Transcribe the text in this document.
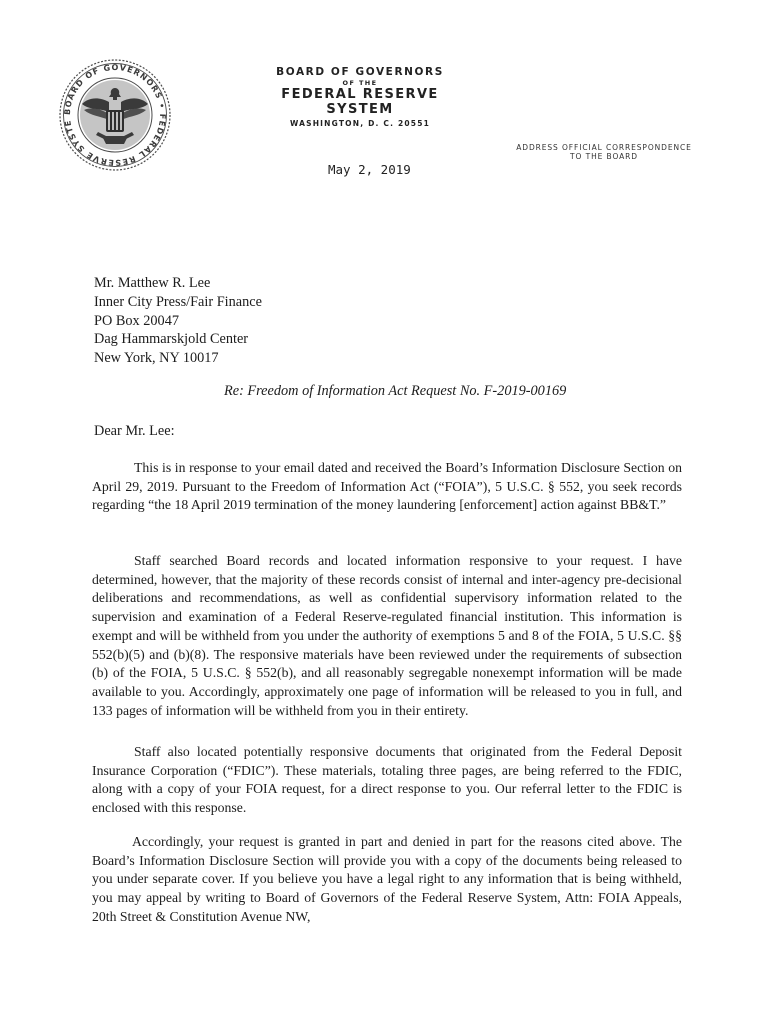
BOARD OF GOVERNORS • FEDERAL RESERVE SYSTE
BOARD OF GOVERNORS
OF THE
FEDERAL RESERVE SYSTEM
WASHINGTON, D. C. 20551
ADDRESS OFFICIAL CORRESPONDENCE
TO THE BOARD
May 2, 2019
Mr. Matthew R. Lee
Inner City Press/Fair Finance
PO Box 20047
Dag Hammarskjold Center
New York, NY 10017
Re: Freedom of Information Act Request No. F-2019-00169
Dear Mr. Lee:
This is in response to your email dated and received the Board’s Information Disclosure Section on April 29, 2019. Pursuant to the Freedom of Information Act (“FOIA”), 5 U.S.C. § 552, you seek records regarding “the 18 April 2019 termination of the money laundering [enforcement] action against BB&T.”
Staff searched Board records and located information responsive to your request. I have determined, however, that the majority of these records consist of internal and inter-agency pre-decisional deliberations and recommendations, as well as confidential supervisory information related to the supervision and examination of a Federal Reserve-regulated financial institution. This information is exempt and will be withheld from you under the authority of exemptions 5 and 8 of the FOIA, 5 U.S.C. §§ 552(b)(5) and (b)(8). The responsive materials have been reviewed under the requirements of subsection (b) of the FOIA, 5 U.S.C. § 552(b), and all reasonably segregable nonexempt information will be made available to you. Accordingly, approximately one page of information will be released to you in full, and 133 pages of information will be withheld from you in their entirety.
Staff also located potentially responsive documents that originated from the Federal Deposit Insurance Corporation (“FDIC”). These materials, totaling three pages, are being referred to the FDIC, along with a copy of your FOIA request, for a direct response to you. Our referral letter to the FDIC is enclosed with this response.
Accordingly, your request is granted in part and denied in part for the reasons cited above. The Board’s Information Disclosure Section will provide you with a copy of the documents being released to you under separate cover. If you believe you have a legal right to any information that is being withheld, you may appeal by writing to Board of Governors of the Federal Reserve System, Attn: FOIA Appeals, 20th Street & Constitution Avenue NW,
